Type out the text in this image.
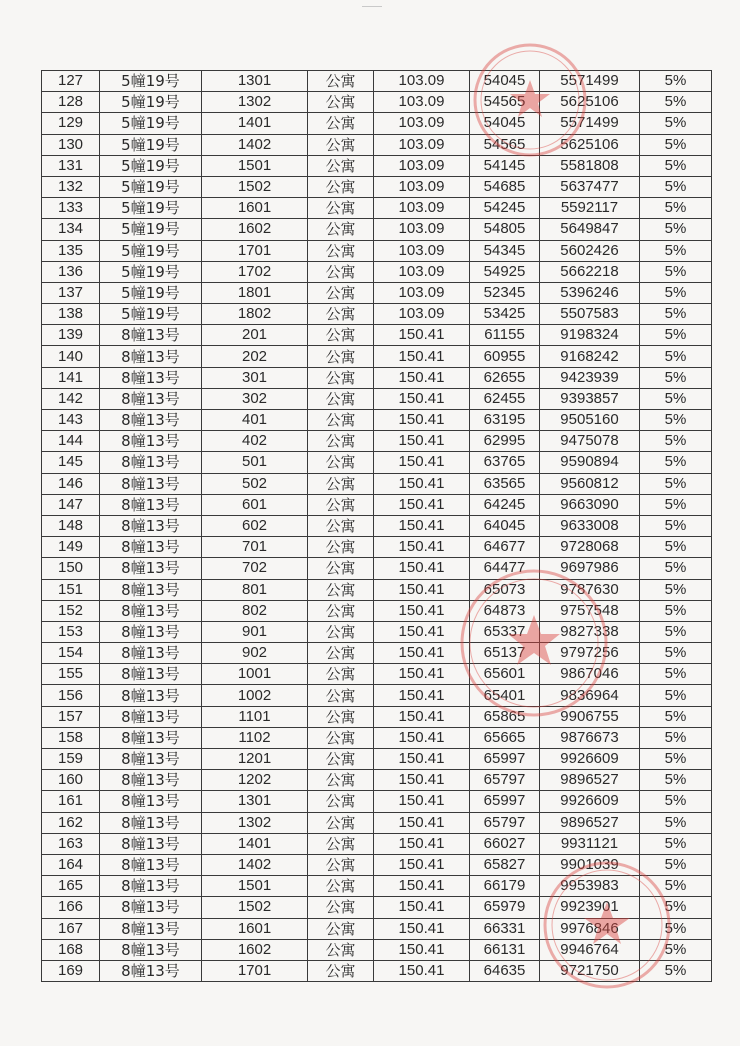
127	5幢19号	1301	公寓	103.09	54045	5571499	5%
128	5幢19号	1302	公寓	103.09	54565	5625106	5%
129	5幢19号	1401	公寓	103.09	54045	5571499	5%
130	5幢19号	1402	公寓	103.09	54565	5625106	5%
131	5幢19号	1501	公寓	103.09	54145	5581808	5%
132	5幢19号	1502	公寓	103.09	54685	5637477	5%
133	5幢19号	1601	公寓	103.09	54245	5592117	5%
134	5幢19号	1602	公寓	103.09	54805	5649847	5%
135	5幢19号	1701	公寓	103.09	54345	5602426	5%
136	5幢19号	1702	公寓	103.09	54925	5662218	5%
137	5幢19号	1801	公寓	103.09	52345	5396246	5%
138	5幢19号	1802	公寓	103.09	53425	5507583	5%
139	8幢13号	201	公寓	150.41	61155	9198324	5%
140	8幢13号	202	公寓	150.41	60955	9168242	5%
141	8幢13号	301	公寓	150.41	62655	9423939	5%
142	8幢13号	302	公寓	150.41	62455	9393857	5%
143	8幢13号	401	公寓	150.41	63195	9505160	5%
144	8幢13号	402	公寓	150.41	62995	9475078	5%
145	8幢13号	501	公寓	150.41	63765	9590894	5%
146	8幢13号	502	公寓	150.41	63565	9560812	5%
147	8幢13号	601	公寓	150.41	64245	9663090	5%
148	8幢13号	602	公寓	150.41	64045	9633008	5%
149	8幢13号	701	公寓	150.41	64677	9728068	5%
150	8幢13号	702	公寓	150.41	64477	9697986	5%
151	8幢13号	801	公寓	150.41	65073	9787630	5%
152	8幢13号	802	公寓	150.41	64873	9757548	5%
153	8幢13号	901	公寓	150.41	65337	9827338	5%
154	8幢13号	902	公寓	150.41	65137	9797256	5%
155	8幢13号	1001	公寓	150.41	65601	9867046	5%
156	8幢13号	1002	公寓	150.41	65401	9836964	5%
157	8幢13号	1101	公寓	150.41	65865	9906755	5%
158	8幢13号	1102	公寓	150.41	65665	9876673	5%
159	8幢13号	1201	公寓	150.41	65997	9926609	5%
160	8幢13号	1202	公寓	150.41	65797	9896527	5%
161	8幢13号	1301	公寓	150.41	65997	9926609	5%
162	8幢13号	1302	公寓	150.41	65797	9896527	5%
163	8幢13号	1401	公寓	150.41	66027	9931121	5%
164	8幢13号	1402	公寓	150.41	65827	9901039	5%
165	8幢13号	1501	公寓	150.41	66179	9953983	5%
166	8幢13号	1502	公寓	150.41	65979	9923901	5%
167	8幢13号	1601	公寓	150.41	66331	9976846	5%
168	8幢13号	1602	公寓	150.41	66131	9946764	5%
169	8幢13号	1701	公寓	150.41	64635	9721750	5%
